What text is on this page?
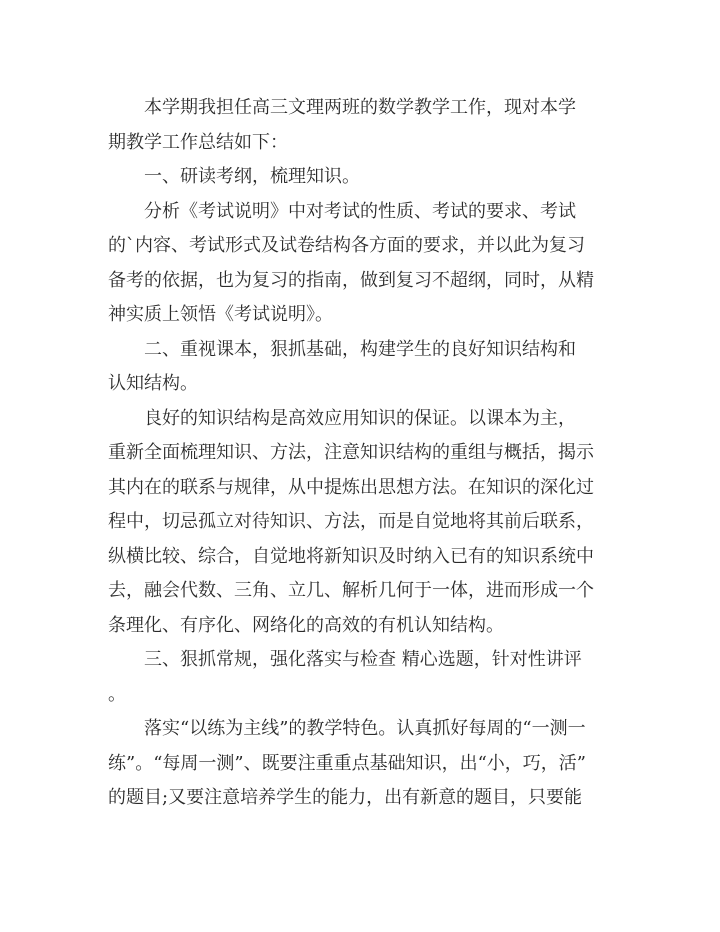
本学期我担任高三文理两班的数学教学工作，现对本学
期教学工作总结如下：

一、研读考纲，梳理知识。

分析《考试说明》中对考试的性质、考试的要求、考试
的`内容、考试形式及试卷结构各方面的要求，并以此为复习
备考的依据，也为复习的指南，做到复习不超纲，同时，从精
神实质上领悟《考试说明》。

二、重视课本，狠抓基础，构建学生的良好知识结构和
认知结构。

良好的知识结构是高效应用知识的保证。以课本为主，
重新全面梳理知识、方法，注意知识结构的重组与概括，揭示
其内在的联系与规律，从中提炼出思想方法。在知识的深化过
程中，切忌孤立对待知识、方法，而是自觉地将其前后联系，
纵横比较、综合，自觉地将新知识及时纳入已有的知识系统中
去，融会代数、三角、立几、解析几何于一体，进而形成一个
条理化、有序化、网络化的高效的有机认知结构。

三、狠抓常规，强化落实与检查 精心选题，针对性讲评
。

落实“以练为主线”的教学特色。认真抓好每周的“一测一
练”。“每周一测”、既要注重重点基础知识，出“小，巧，活”
的题目;又要注意培养学生的能力，出有新意的题目，只要能
